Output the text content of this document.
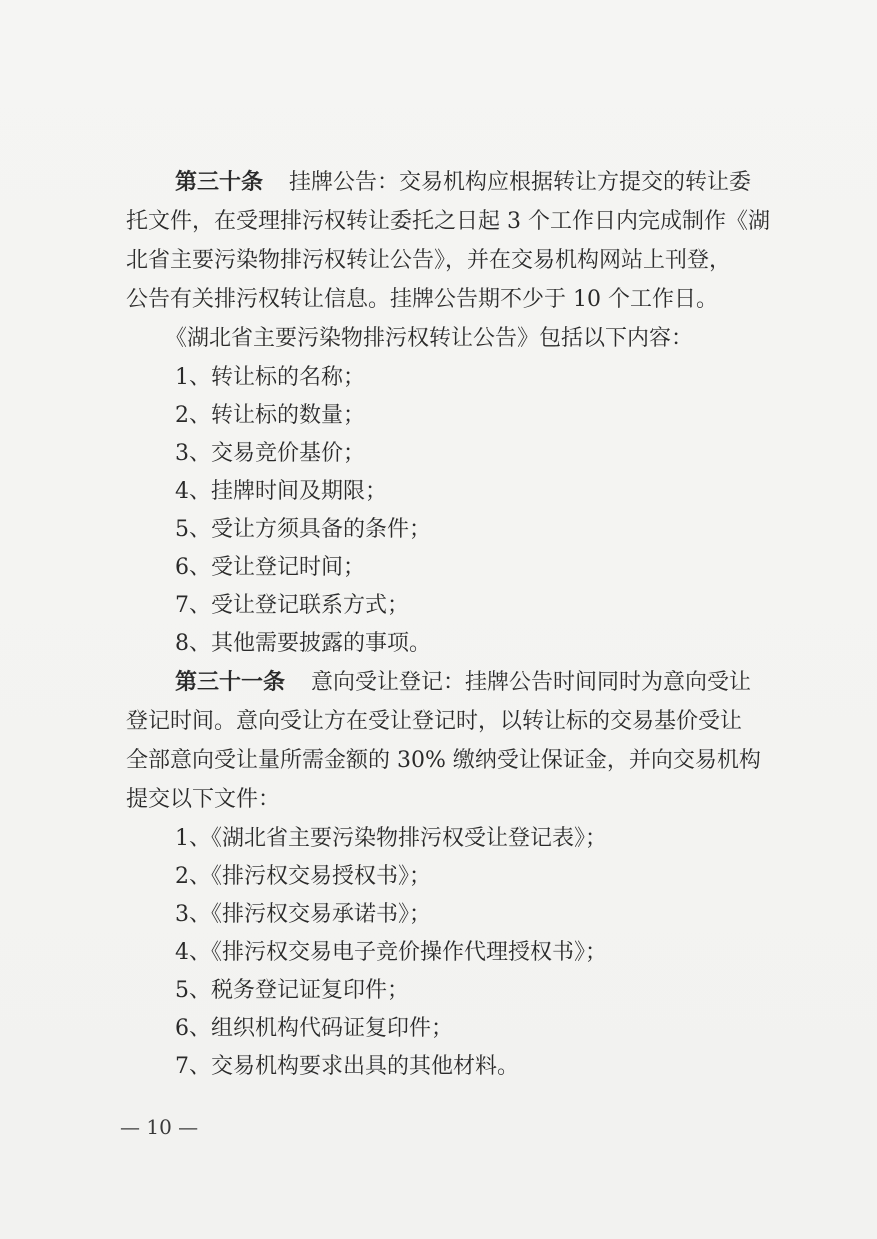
第三十条 挂牌公告：交易机构应根据转让方提交的转让委
托文件，在受理排污权转让委托之日起 3 个工作日内完成制作《湖
北省主要污染物排污权转让公告》，并在交易机构网站上刊登，
公告有关排污权转让信息。挂牌公告期不少于 10 个工作日。
《湖北省主要污染物排污权转让公告》包括以下内容：
1、转让标的名称；
2、转让标的数量；
3、交易竞价基价；
4、挂牌时间及期限；
5、受让方须具备的条件；
6、受让登记时间；
7、受让登记联系方式；
8、其他需要披露的事项。
第三十一条 意向受让登记：挂牌公告时间同时为意向受让
登记时间。意向受让方在受让登记时，以转让标的交易基价受让
全部意向受让量所需金额的 30% 缴纳受让保证金，并向交易机构
提交以下文件：
1、《湖北省主要污染物排污权受让登记表》；
2、《排污权交易授权书》；
3、《排污权交易承诺书》；
4、《排污权交易电子竞价操作代理授权书》；
5、税务登记证复印件；
6、组织机构代码证复印件；
7、交易机构要求出具的其他材料。
— 10 —
